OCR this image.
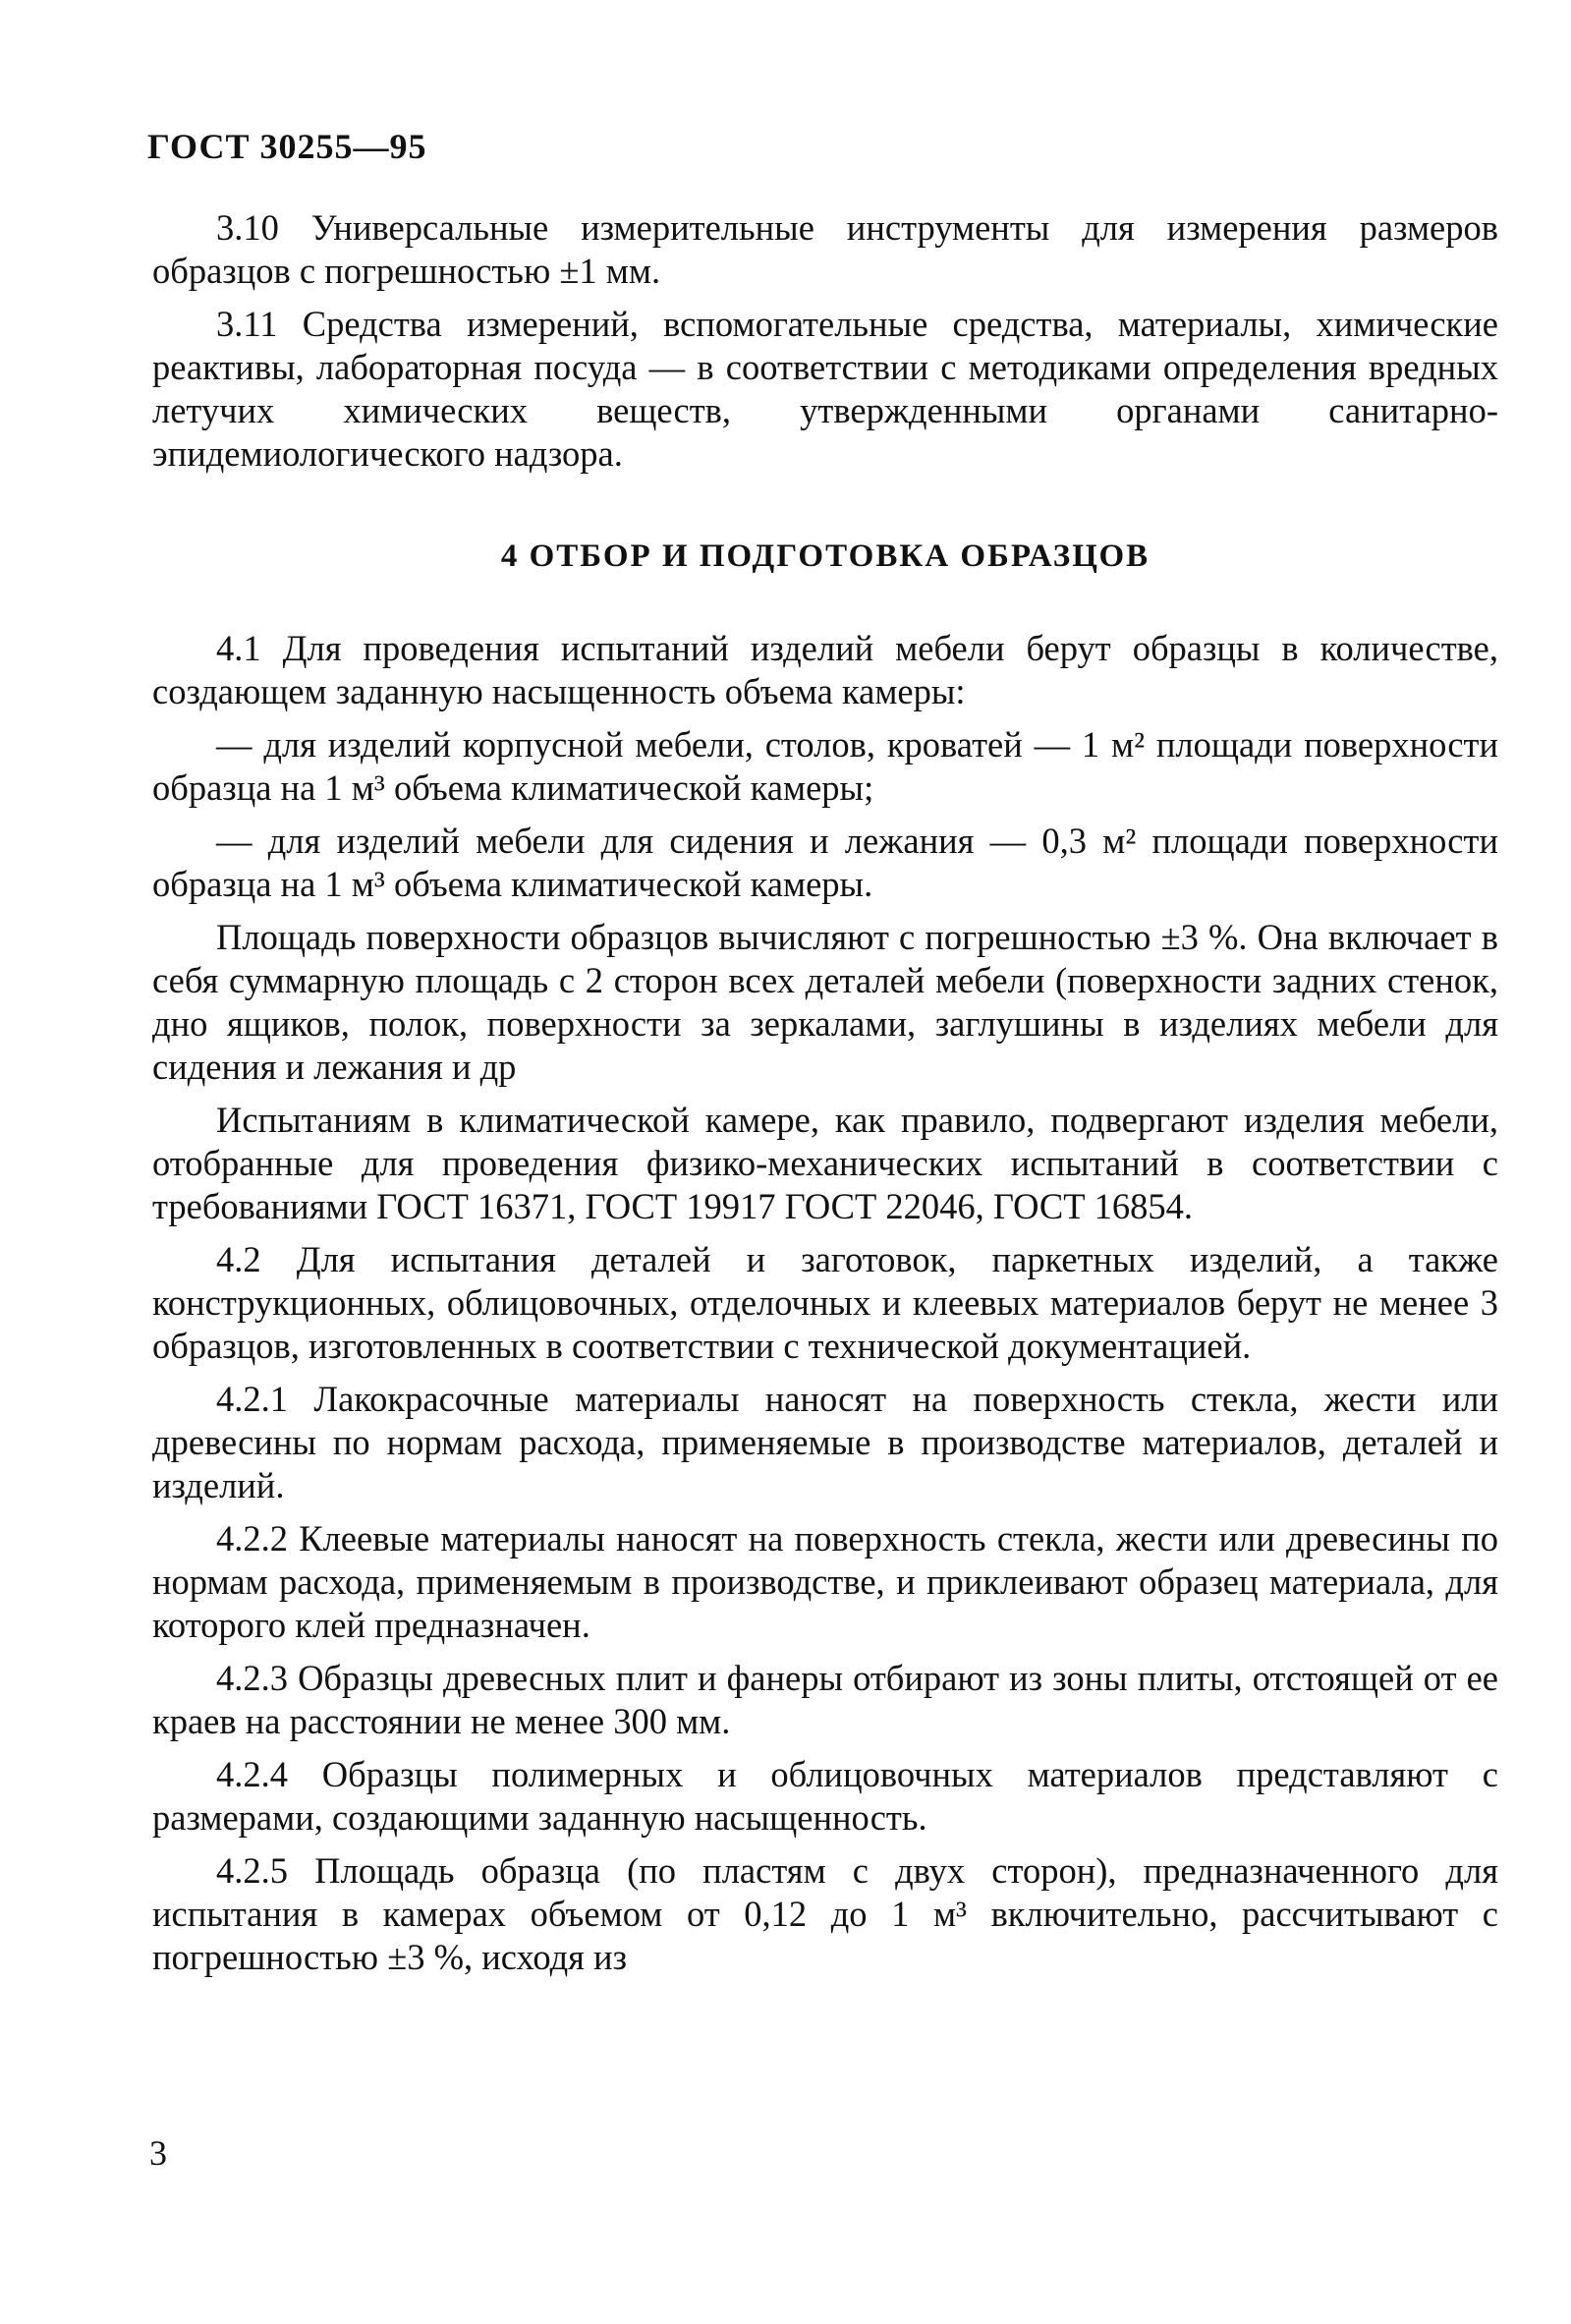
ГОСТ 30255—95

3.10 Универсальные измерительные инструменты для измерения размеров образцов с погрешностью ±1 мм.

3.11 Средства измерений, вспомогательные средства, материалы, химические реактивы, лабораторная посуда — в соответствии с методиками определения вредных летучих химических веществ, утвержденными органами санитарно-эпидемиологического надзора.

4 ОТБОР И ПОДГОТОВКА ОБРАЗЦОВ

4.1 Для проведения испытаний изделий мебели берут образцы в количестве, создающем заданную насыщенность объема камеры:

— для изделий корпусной мебели, столов, кроватей — 1 м² площади поверхности образца на 1 м³ объема климатической камеры;

— для изделий мебели для сидения и лежания — 0,3 м² площади поверхности образца на 1 м³ объема климатической камеры.

Площадь поверхности образцов вычисляют с погрешностью ±3 %. Она включает в себя суммарную площадь с 2 сторон всех деталей мебели (поверхности задних стенок, дно ящиков, полок, поверхности за зеркалами, заглушины в изделиях мебели для сидения и лежания и др

Испытаниям в климатической камере, как правило, подвергают изделия мебели, отобранные для проведения физико-механических испытаний в соответствии с требованиями ГОСТ 16371, ГОСТ 19917 ГОСТ 22046, ГОСТ 16854.

4.2 Для испытания деталей и заготовок, паркетных изделий, а также конструкционных, облицовочных, отделочных и клеевых материалов берут не менее 3 образцов, изготовленных в соответствии с технической документацией.

4.2.1 Лакокрасочные материалы наносят на поверхность стекла, жести или древесины по нормам расхода, применяемые в производстве материалов, деталей и изделий.

4.2.2 Клеевые материалы наносят на поверхность стекла, жести или древесины по нормам расхода, применяемым в производстве, и приклеивают образец материала, для которого клей предназначен.

4.2.3 Образцы древесных плит и фанеры отбирают из зоны плиты, отстоящей от ее краев на расстоянии не менее 300 мм.

4.2.4 Образцы полимерных и облицовочных материалов представляют с размерами, создающими заданную насыщенность.

4.2.5 Площадь образца (по пластям с двух сторон), предназначенного для испытания в камерах объемом от 0,12 до 1 м³ включительно, рассчитывают с погрешностью ±3 %, исходя из

3
